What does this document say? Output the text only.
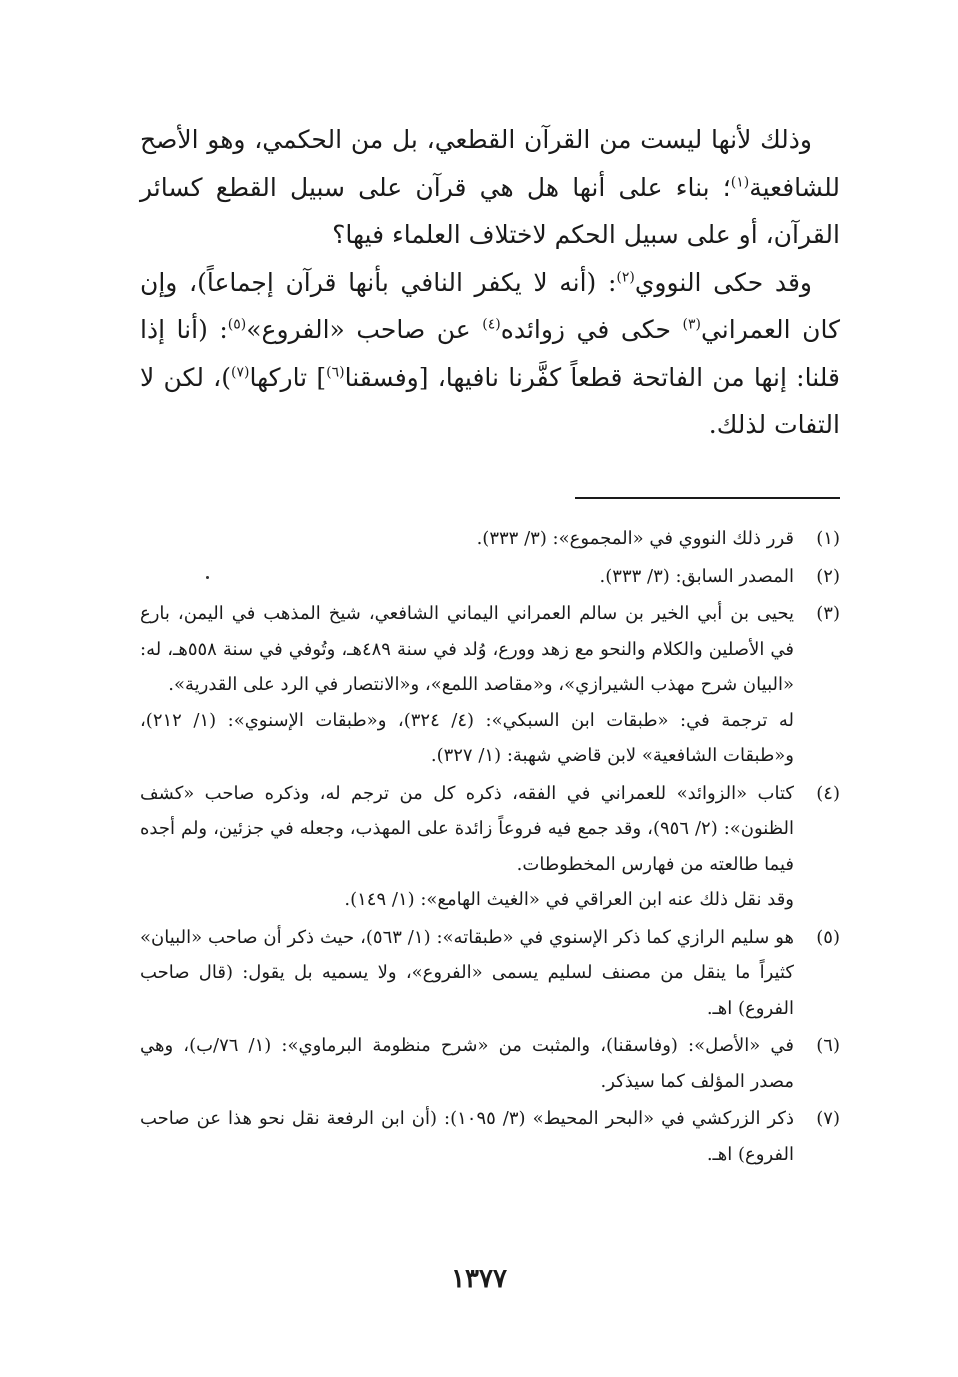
وذلك لأنها ليست من القرآن القطعي، بل من الحكمي، وهو الأصح للشافعية$^{(١)}$؛ بناء على أنها هل هي قرآن على سبيل القطع كسائر القرآن، أو على سبيل الحكم لاختلاف العلماء فيها؟

وقد حكى النووي$^{(٢)}$: (أنه لا يكفر النافي بأنها قرآن إجماعاً)، وإن كان العمراني$^{(٣)}$ حكى في زوائده$^{(٤)}$ عن صاحب «الفروع»$^{(٥)}$: (أنا إذا قلنا: إنها من الفاتحة قطعاً كفَّرنا نافيها، [وفسقنا$^{(٦)}$] تاركها$^{(٧)}$)، لكن لا التفات لذلك.

(١)
قرر ذلك النووي في «المجموع»: (٣/ ٣٣٣).
(٢)
المصدر السابق: (٣/ ٣٣٣).
(٣)
يحيى بن أبي الخير بن سالم العمراني اليماني الشافعي، شيخ المذهب في اليمن، بارع في الأصلين والكلام والنحو مع زهد وورع، وُلد في سنة ٤٨٩هـ، وتُوفي في سنة ٥٥٨هـ، له: «البيان شرح مهذب الشيرازي»، و«مقاصد اللمع»، و«الانتصار في الرد على القدرية».
له ترجمة في: «طبقات ابن السبكي»: (٤/ ٣٢٤)، و«طبقات الإسنوي»: (١/ ٢١٢)، و«طبقات الشافعية» لابن قاضي شهبة: (١/ ٣٢٧).
(٤)
كتاب «الزوائد» للعمراني في الفقه، ذكره كل من ترجم له، وذكره صاحب «كشف الظنون»: (٢/ ٩٥٦)، وقد جمع فيه فروعاً زائدة على المهذب، وجعله في جزئين، ولم أجده فيما طالعته من فهارس المخطوطات.
وقد نقل ذلك عنه ابن العراقي في «الغيث الهامع»: (١/ ١٤٩).
(٥)
هو سليم الرازي كما ذكر الإسنوي في «طبقاته»: (١/ ٥٦٣)، حيث ذكر أن صاحب «البيان» كثيراً ما ينقل من مصنف لسليم يسمى «الفروع»، ولا يسميه بل يقول: (قال صاحب الفروع) اهـ.
(٦)
في «الأصل»: (وفاسقنا)، والمثبت من «شرح منظومة البرماوي»: (١/ ٧٦/ب)، وهي مصدر المؤلف كما سيذكر.
(٧)
ذكر الزركشي في «البحر المحيط» (٣/ ١٠٩٥): (أن ابن الرفعة نقل نحو هذا عن صاحب الفروع) اهـ.
١٣٧٧
